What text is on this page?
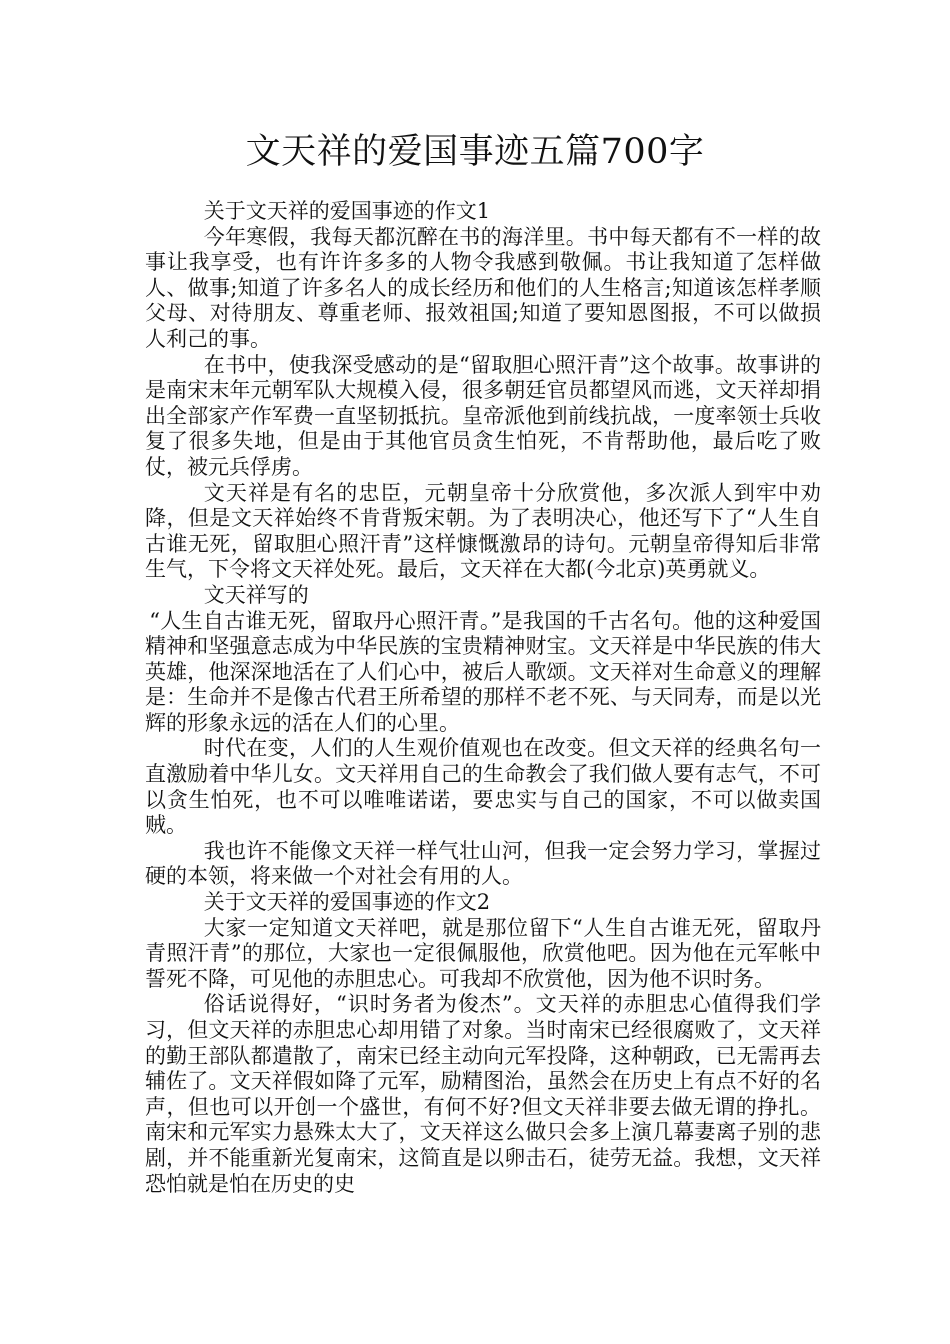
文天祥的爱国事迹五篇700字

关于文天祥的爱国事迹的作文1

今年寒假，我每天都沉醉在书的海洋里。书中每天都有不一样的故事让我享受，也有许许多多的人物令我感到敬佩。书让我知道了怎样做人、做事;知道了许多名人的成长经历和他们的人生格言;知道该怎样孝顺父母、对待朋友、尊重老师、报效祖国;知道了要知恩图报，不可以做损人利己的事。

在书中，使我深受感动的是“留取胆心照汗青”这个故事。故事讲的是南宋末年元朝军队大规模入侵，很多朝廷官员都望风而逃，文天祥却捐出全部家产作军费一直坚韧抵抗。皇帝派他到前线抗战，一度率领士兵收复了很多失地，但是由于其他官员贪生怕死，不肯帮助他，最后吃了败仗，被元兵俘虏。

文天祥是有名的忠臣，元朝皇帝十分欣赏他，多次派人到牢中劝降，但是文天祥始终不肯背叛宋朝。为了表明决心，他还写下了“人生自古谁无死，留取胆心照汗青”这样慷慨激昂的诗句。元朝皇帝得知后非常生气，下令将文天祥处死。最后，文天祥在大都(今北京)英勇就义。

文天祥写的

“人生自古谁无死，留取丹心照汗青。”是我国的千古名句。他的这种爱国精神和坚强意志成为中华民族的宝贵精神财宝。文天祥是中华民族的伟大英雄，他深深地活在了人们心中，被后人歌颂。文天祥对生命意义的理解是：生命并不是像古代君王所希望的那样不老不死、与天同寿，而是以光辉的形象永远的活在人们的心里。

时代在变，人们的人生观价值观也在改变。但文天祥的经典名句一直激励着中华儿女。文天祥用自己的生命教会了我们做人要有志气，不可以贪生怕死，也不可以唯唯诺诺，要忠实与自己的国家，不可以做卖国贼。

我也许不能像文天祥一样气壮山河，但我一定会努力学习，掌握过硬的本领，将来做一个对社会有用的人。

关于文天祥的爱国事迹的作文2

大家一定知道文天祥吧，就是那位留下“人生自古谁无死，留取丹青照汗青”的那位，大家也一定很佩服他，欣赏他吧。因为他在元军帐中誓死不降，可见他的赤胆忠心。可我却不欣赏他，因为他不识时务。

俗话说得好，“识时务者为俊杰”。文天祥的赤胆忠心值得我们学习，但文天祥的赤胆忠心却用错了对象。当时南宋已经很腐败了，文天祥的勤王部队都遣散了，南宋已经主动向元军投降，这种朝政，已无需再去辅佐了。文天祥假如降了元军，励精图治，虽然会在历史上有点不好的名声，但也可以开创一个盛世，有何不好?但文天祥非要去做无谓的挣扎。南宋和元军实力悬殊太大了，文天祥这么做只会多上演几幕妻离子别的悲剧，并不能重新光复南宋，这简直是以卵击石，徒劳无益。我想，文天祥恐怕就是怕在历史的史
